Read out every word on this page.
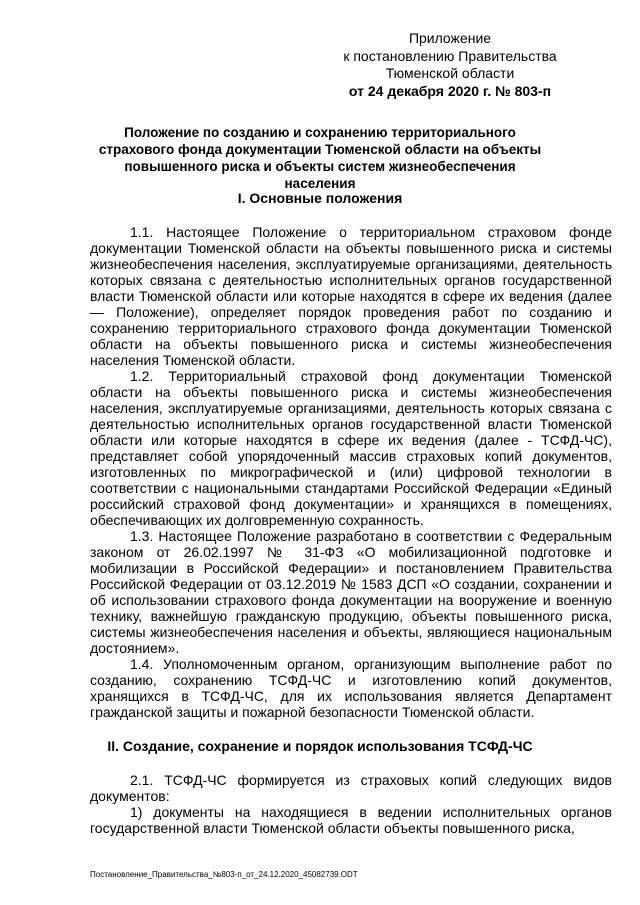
Приложение
к постановлению Правительства
Тюменской области
от 24 декабря 2020 г. № 803-п
Положение по созданию и сохранению территориального страхового фонда документации Тюменской области на объекты повышенного риска и объекты систем жизнеобеспечения населения
I. Основные положения

1.1. Настоящее Положение о территориальном страховом фонде документации Тюменской области на объекты повышенного риска и системы жизнеобеспечения населения, эксплуатируемые организациями, деятельность которых связана с деятельностью исполнительных органов государственной власти Тюменской области или которые находятся в сфере их ведения (далее — Положение), определяет порядок проведения работ по созданию и сохранению территориального страхового фонда документации Тюменской области на объекты повышенного риска и системы жизнеобеспечения населения Тюменской области.

1.2. Территориальный страховой фонд документации Тюменской области на объекты повышенного риска и системы жизнеобеспечения населения, эксплуатируемые организациями, деятельность которых связана с деятельностью исполнительных органов государственной власти Тюменской области или которые находятся в сфере их ведения (далее - ТСФД-ЧС), представляет собой упорядоченный массив страховых копий документов, изготовленных по микрографической и (или) цифровой технологии в соответствии с национальными стандартами Российской Федерации «Единый российский страховой фонд документации» и хранящихся в помещениях, обеспечивающих их долговременную сохранность.

1.3. Настоящее Положение разработано в соответствии с Федеральным законом от 26.02.1997 № 31-ФЗ «О мобилизационной подготовке и мобилизации в Российской Федерации» и постановлением Правительства Российской Федерации от 03.12.2019 № 1583 ДСП «О создании, сохранении и об использовании страхового фонда документации на вооружение и военную технику, важнейшую гражданскую продукцию, объекты повышенного риска, системы жизнеобеспечения населения и объекты, являющиеся национальным достоянием».

1.4. Уполномоченным органом, организующим выполнение работ по созданию, сохранению ТСФД-ЧС и изготовлению копий документов, хранящихся в ТСФД-ЧС, для их использования является Департамент гражданской защиты и пожарной безопасности Тюменской области.

II. Создание, сохранение и порядок использования ТСФД-ЧС

2.1. ТСФД-ЧС формируется из страховых копий следующих видов документов:

1) документы на находящиеся в ведении исполнительных органов государственной власти Тюменской области объекты повышенного риска,

Постановление_Правительства_№803-п_от_24.12.2020_45082739.ODT
